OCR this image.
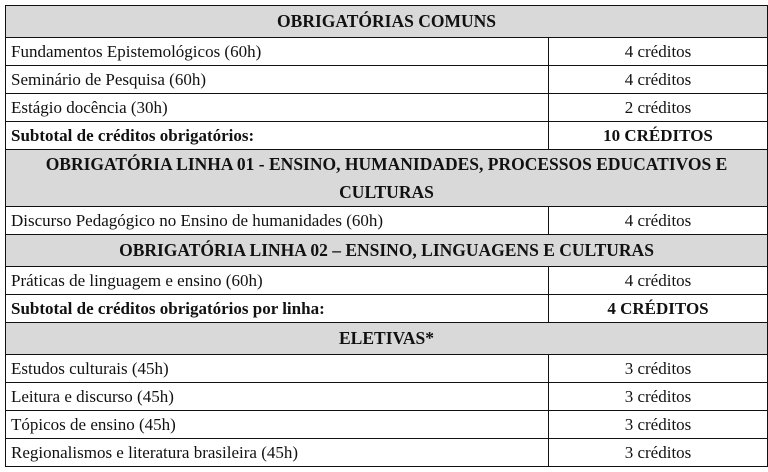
OBRIGATÓRIAS COMUNS	
Fundamentos Epistemológicos (60h)	4 créditos
Seminário de Pesquisa (60h)	4 créditos
Estágio docência (30h)	2 créditos
Subtotal de créditos obrigatórios:	10 CRÉDITOS
OBRIGATÓRIA LINHA 01 - ENSINO, HUMANIDADES, PROCESSOS EDUCATIVOS E CULTURAS	
Discurso Pedagógico no Ensino de humanidades (60h)	4 créditos
OBRIGATÓRIA LINHA 02 – ENSINO, LINGUAGENS E CULTURAS	
Práticas de linguagem e ensino (60h)	4 créditos
Subtotal de créditos obrigatórios por linha:	4 CRÉDITOS
ELETIVAS*	
Estudos culturais (45h)	3 créditos
Leitura e discurso (45h)	3 créditos
Tópicos de ensino (45h)	3 créditos
Regionalismos e literatura brasileira (45h)	3 créditos
